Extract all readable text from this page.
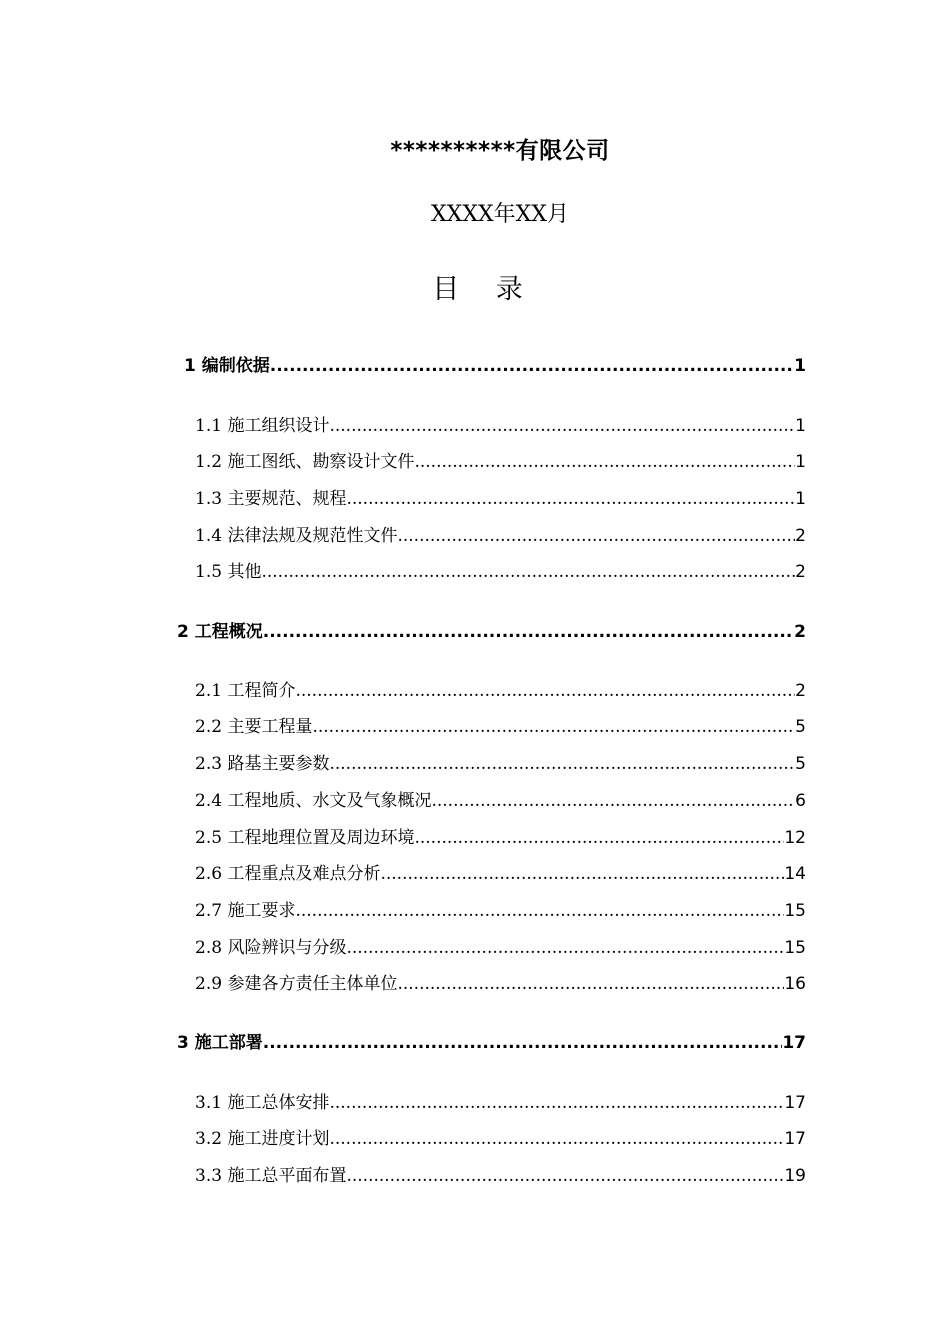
**********有限公司
XXXX年XX月
目 录
1 编制依据 .....	1
1.1 施工组织设计 .....	1
1.2 施工图纸、勘察设计文件 .....	1
1.3 主要规范、规程 .....	1
1.4 法律法规及规范性文件 .....	2
1.5 其他 .....	2
2 工程概况 .....	2
2.1 工程简介 .....	2
2.2 主要工程量 .....	5
2.3 路基主要参数 .....	5
2.4 工程地质、水文及气象概况 .....	6
2.5 工程地理位置及周边环境 .....	12
2.6 工程重点及难点分析 .....	14
2.7 施工要求 .....	15
2.8 风险辨识与分级 .....	15
2.9 参建各方责任主体单位 .....	16
3 施工部署 .....	17
3.1 施工总体安排 .....	17
3.2 施工进度计划 .....	17
3.3 施工总平面布置 .....	19
